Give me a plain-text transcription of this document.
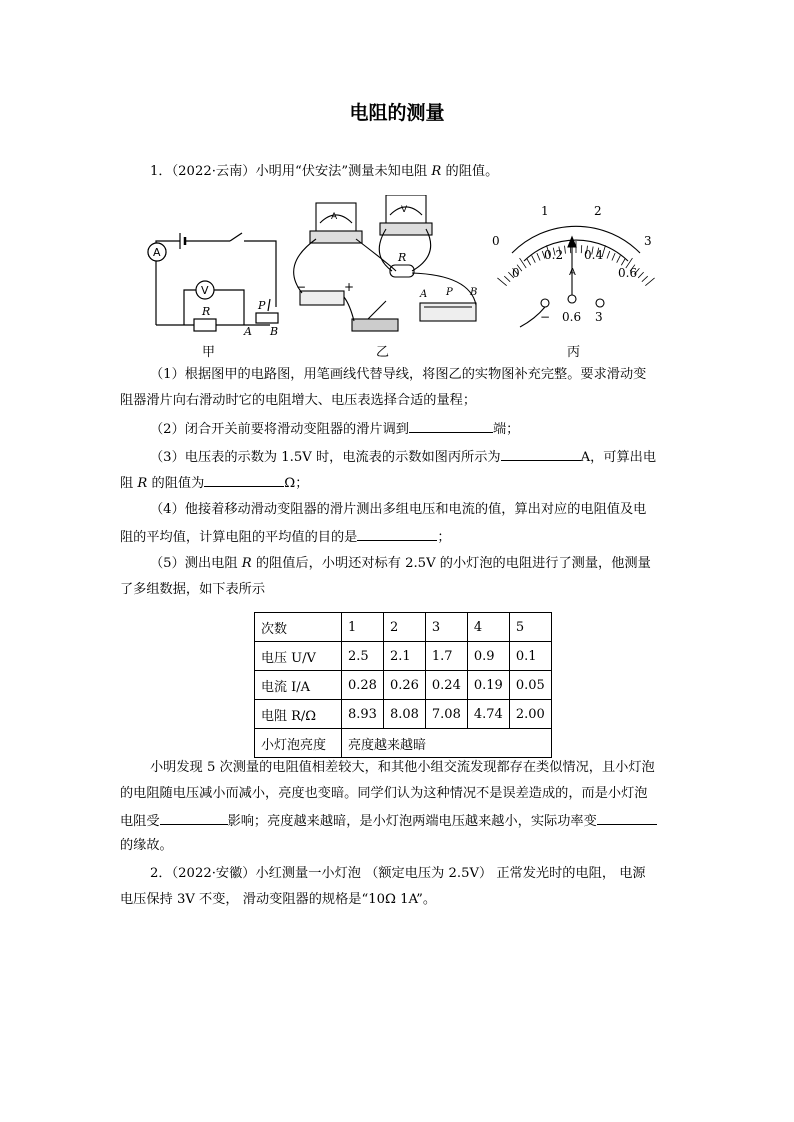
电阻的测量
1．（2022·云南）小明用“伏安法”测量未知电阻 R 的阻值。
A
V
R	P
A B
A
V
R
−	+
A P B
0
1	2
3
0
0.2 0.4
0.6
A
− 0.6 3
甲	乙	丙
（1）根据图甲的电路图，用笔画线代替导线，将图乙的实物图补充完整。要求滑动变
阻器滑片向右滑动时它的电阻增大、电压表选择合适的量程；
（2）闭合开关前要将滑动变阻器的滑片调到	端；
（3）电压表的示数为 1.5V 时，电流表的示数如图丙所示为	A，可算出电
阻 R 的阻值为	Ω；
（4）他接着移动滑动变阻器的滑片测出多组电压和电流的值，算出对应的电阻值及电
阻的平均值，计算电阻的平均值的目的是	；
（5）测出电阻 R 的阻值后，小明还对标有 2.5V 的小灯泡的电阻进行了测量，他测量
了多组数据，如下表所示
次数	1	2	3	4	5
电压 U/V	2.5	2.1	1.7	0.9	0.1
电流 I/A	0.28	0.26	0.24	0.19	0.05
电阻 R/Ω	8.93	8.08	7.08	4.74	2.00
小灯泡亮度	亮度越来越暗				
小明发现 5 次测量的电阻值相差较大，和其他小组交流发现都存在类似情况，且小灯泡
的电阻随电压减小而减小，亮度也变暗。同学们认为这种情况不是误差造成的，而是小灯泡
电阻受	影响；亮度越来越暗，是小灯泡两端电压越来越小，实际功率变
的缘故。
2．（2022·安徽）小红测量一小灯泡 （额定电压为 2.5V） 正常发光时的电阻， 电源
电压保持 3V 不变， 滑动变阻器的规格是“10Ω 1A”。
